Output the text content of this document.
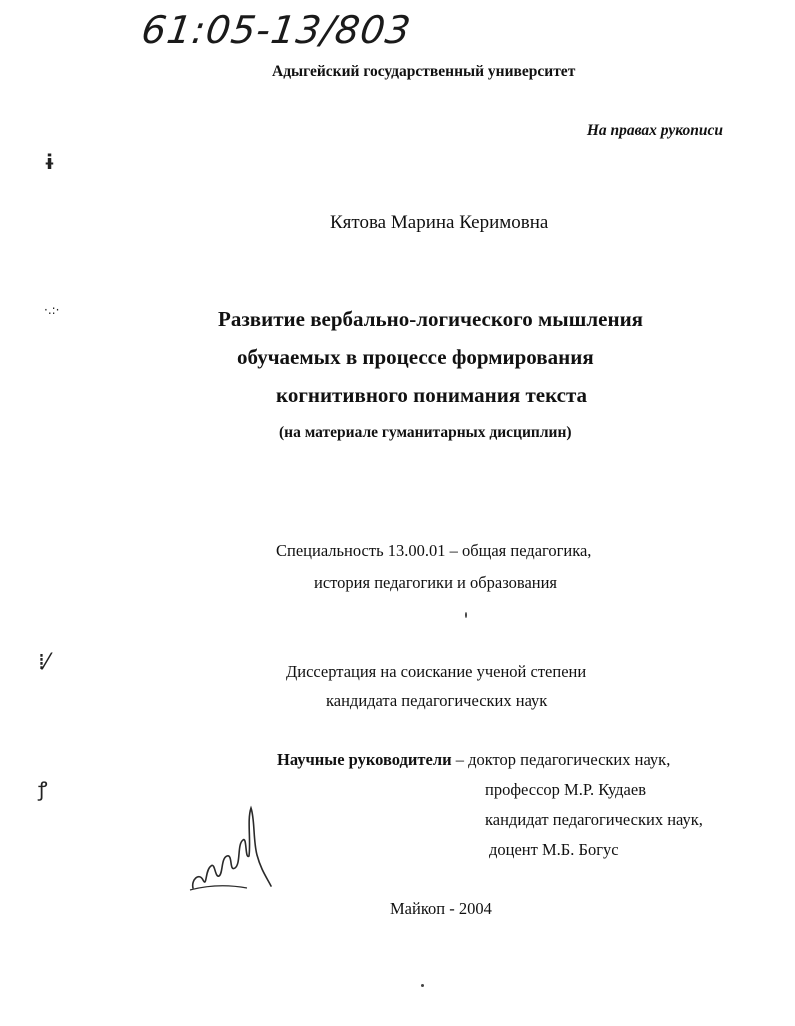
61:05-13/803
Адыгейский государственный университет
На правах рукописи
ɨ
·.:·
⁞⁄
ꝭ
Кятова Марина Керимовна
Развитие вербально-логического мышления
обучаемых в процессе формирования
когнитивного понимания текста
(на материале гуманитарных дисциплин)
Специальность 13.00.01 – общая педагогика,
история педагогики и образования
Диссертация на соискание ученой степени
кандидата педагогических наук
Научные руководители – доктор педагогических наук,
профессор М.Р. Кудаев
кандидат педагогических наук,
доцент М.Б. Богус
Майкоп - 2004
